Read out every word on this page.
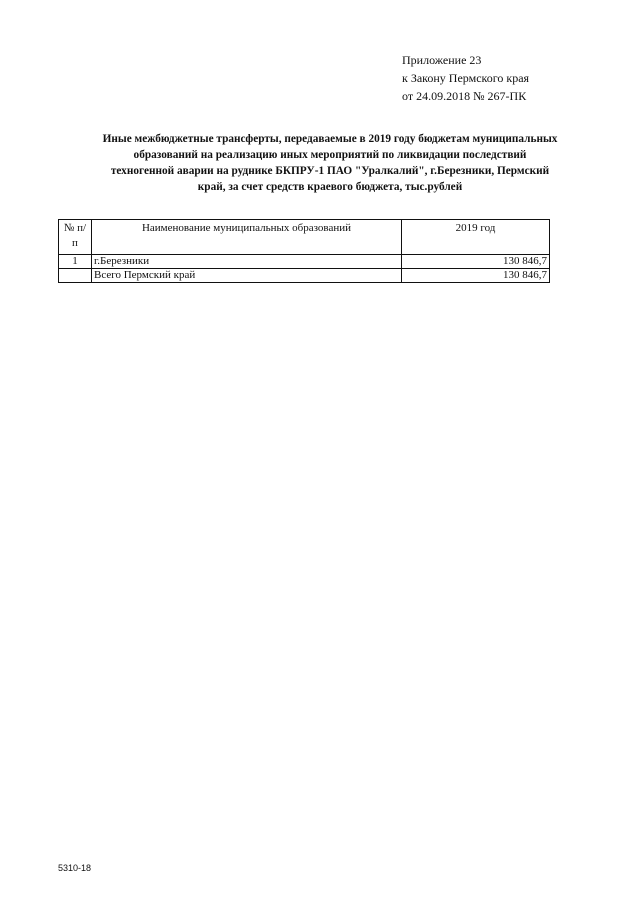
Приложение 23
к Закону Пермского края
от 24.09.2018 № 267-ПК
Иные межбюджетные трансферты, передаваемые в 2019 году бюджетам муниципальных
образований на реализацию иных мероприятий по ликвидации последствий
техногенной аварии на руднике БКПРУ-1 ПАО "Уралкалий", г.Березники, Пермский
край, за счет средств краевого бюджета, тыс.рублей
№ п/п	Наименование муниципальных образований	2019 год
1	г.Березники	130 846,7
	Всего Пермский край	130 846,7
5310-18
